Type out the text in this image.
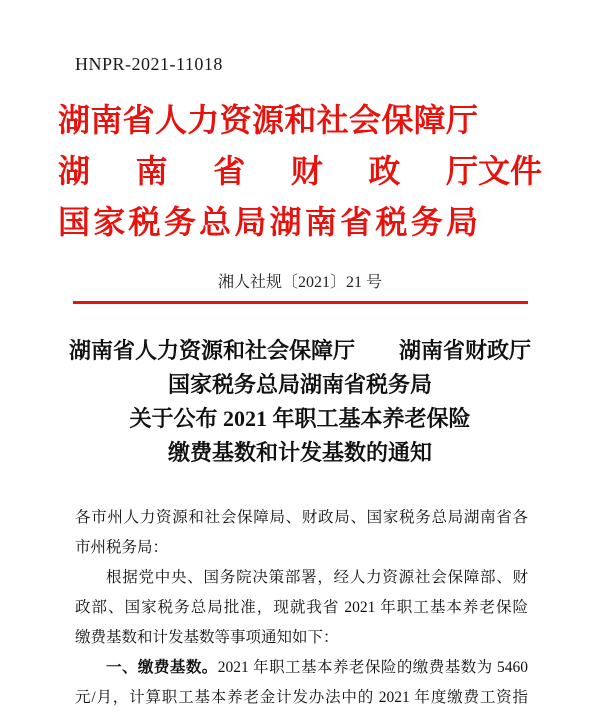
HNPR-2021-11018
湖南省人力资源和社会保障厅
湖南省财政厅文件
国家税务总局湖南省税务局
湘人社规〔2021〕21 号
湖南省人力资源和社会保障厅　　湖南省财政厅
国家税务总局湖南省税务局
关于公布 2021 年职工基本养老保险
缴费基数和计发基数的通知
各市州人力资源和社会保障局、财政局、国家税务总局湖南省各
市州税务局：
根据党中央、国务院决策部署，经人力资源社会保障部、财
政部、国家税务总局批准，现就我省 2021 年职工基本养老保险
缴费基数和计发基数等事项通知如下：
一、缴费基数。2021 年职工基本养老保险的缴费基数为 5460
元/月，计算职工基本养老金计发办法中的 2021 年度缴费工资指
